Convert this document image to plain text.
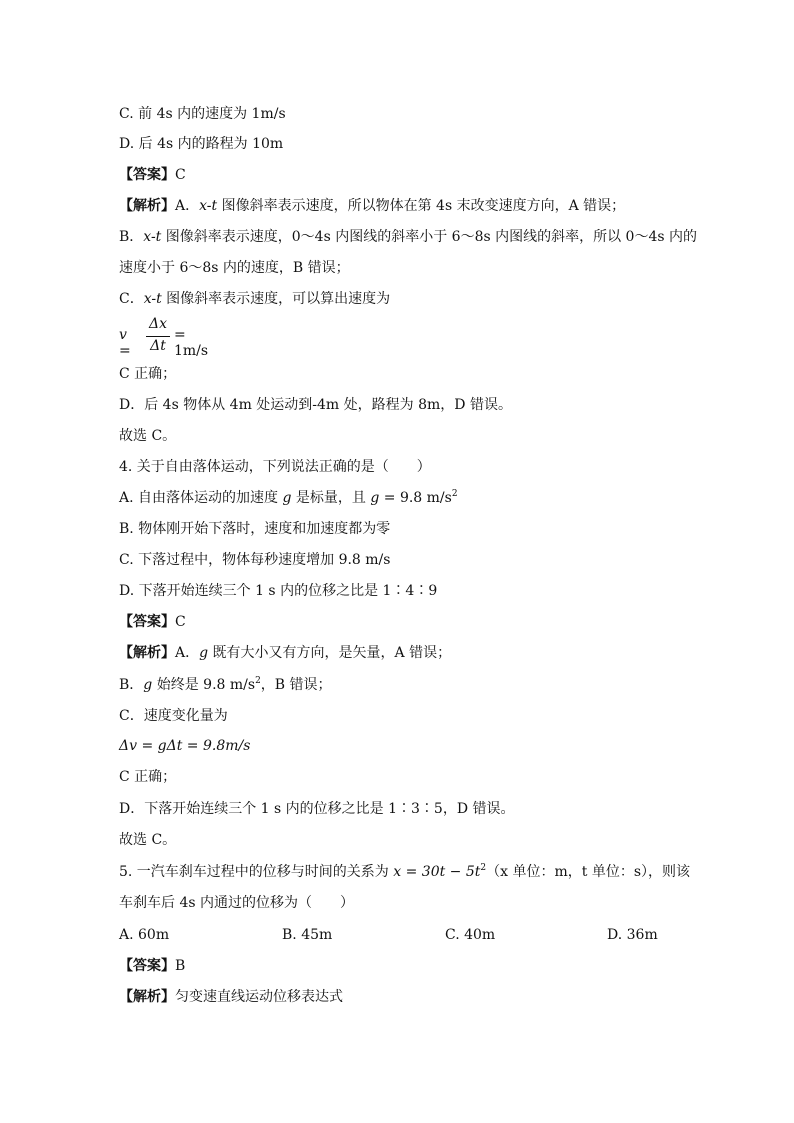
C. 前 4s 内的速度为 1m/s
D. 后 4s 内的路程为 10m
【答案】C
【解析】A．x-t 图像斜率表示速度，所以物体在第 4s 末改变速度方向，A 错误；
B．x-t 图像斜率表示速度，0～4s 内图线的斜率小于 6～8s 内图线的斜率，所以 0～4s 内的
速度小于 6～8s 内的速度，B 错误；
C．x-t 图像斜率表示速度，可以算出速度为
v =
Δx
Δt
= 1m/s
C 正确；
D．后 4s 物体从 4m 处运动到-4m 处，路程为 8m，D 错误。
故选 C。
4. 关于自由落体运动，下列说法正确的是（　　）
A. 自由落体运动的加速度 g 是标量，且 g = 9.8 $m/s^2$
B. 物体刚开始下落时，速度和加速度都为零
C. 下落过程中，物体每秒速度增加 9.8 m/s
D. 下落开始连续三个 1 s 内的位移之比是 1∶4∶9
【答案】C
【解析】A．g 既有大小又有方向，是矢量，A 错误；
B．g 始终是 9.8 $m/s^2$，B 错误；
C．速度变化量为
Δv = gΔt = 9.8m/s
C 正确；
D．下落开始连续三个 1 s 内的位移之比是 1∶3∶5，D 错误。
故选 C。
5. 一汽车刹车过程中的位移与时间的关系为 $x = 30t - 5t^2(x$ 单位：m，t 单位：s），则该
车刹车后 4s 内通过的位移为（　　）
A. 60m	B. 45m	C. 40m	D. 36m
【答案】B
【解析】匀变速直线运动位移表达式
